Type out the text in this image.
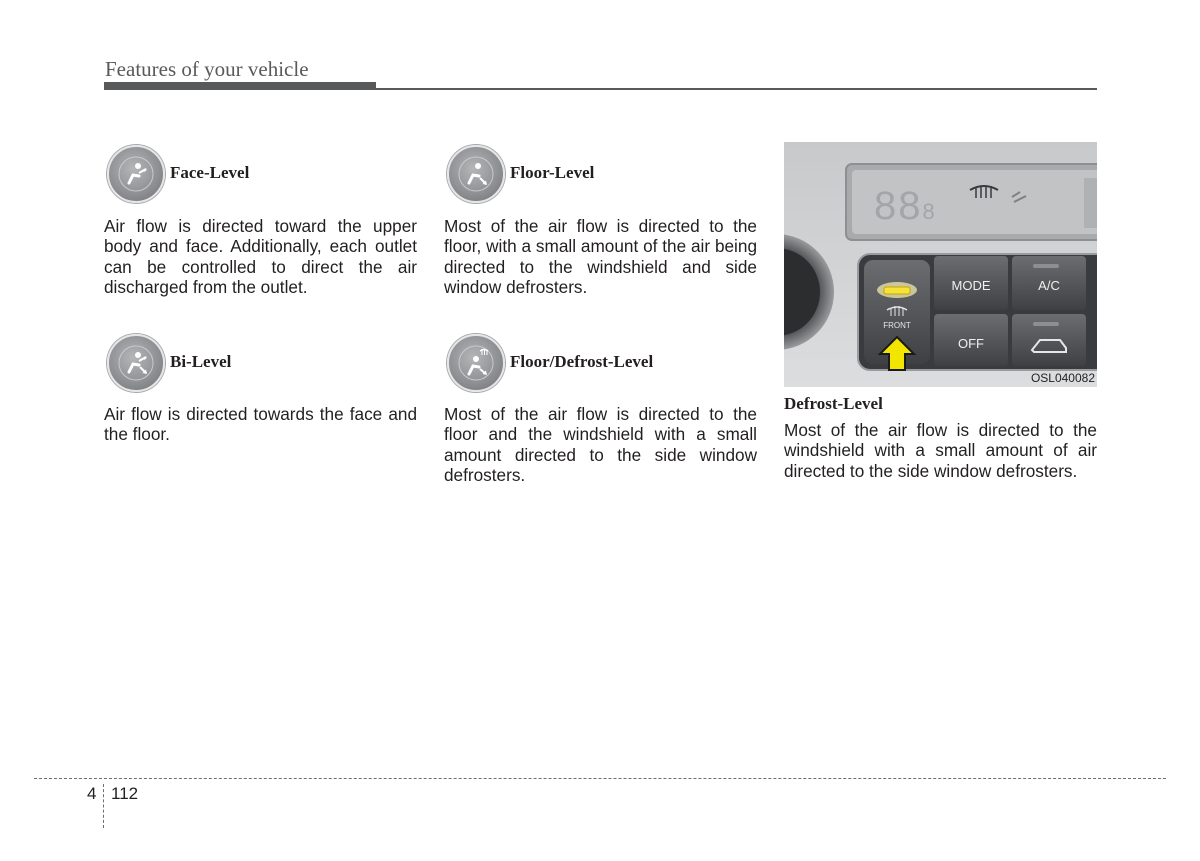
Features of your vehicle
Face-Level

Air flow is directed toward the upper body and face. Additionally, each outlet can be controlled to direct the air discharged from the outlet.

Floor-Level

Most of the air flow is directed to the floor, with a small amount of the air being directed to the windshield and side window defrosters.

Bi-Level

Air flow is directed towards the face and the floor.

Floor/Defrost-Level

Most of the air flow is directed to the floor and the windshield with a small amount directed to the side window defrosters.

888
MODE	A/C
OFF
FRONT
OSL040082
Defrost-Level

Most of the air flow is directed to the windshield with a small amount of air directed to the side window defrosters.

4 112
